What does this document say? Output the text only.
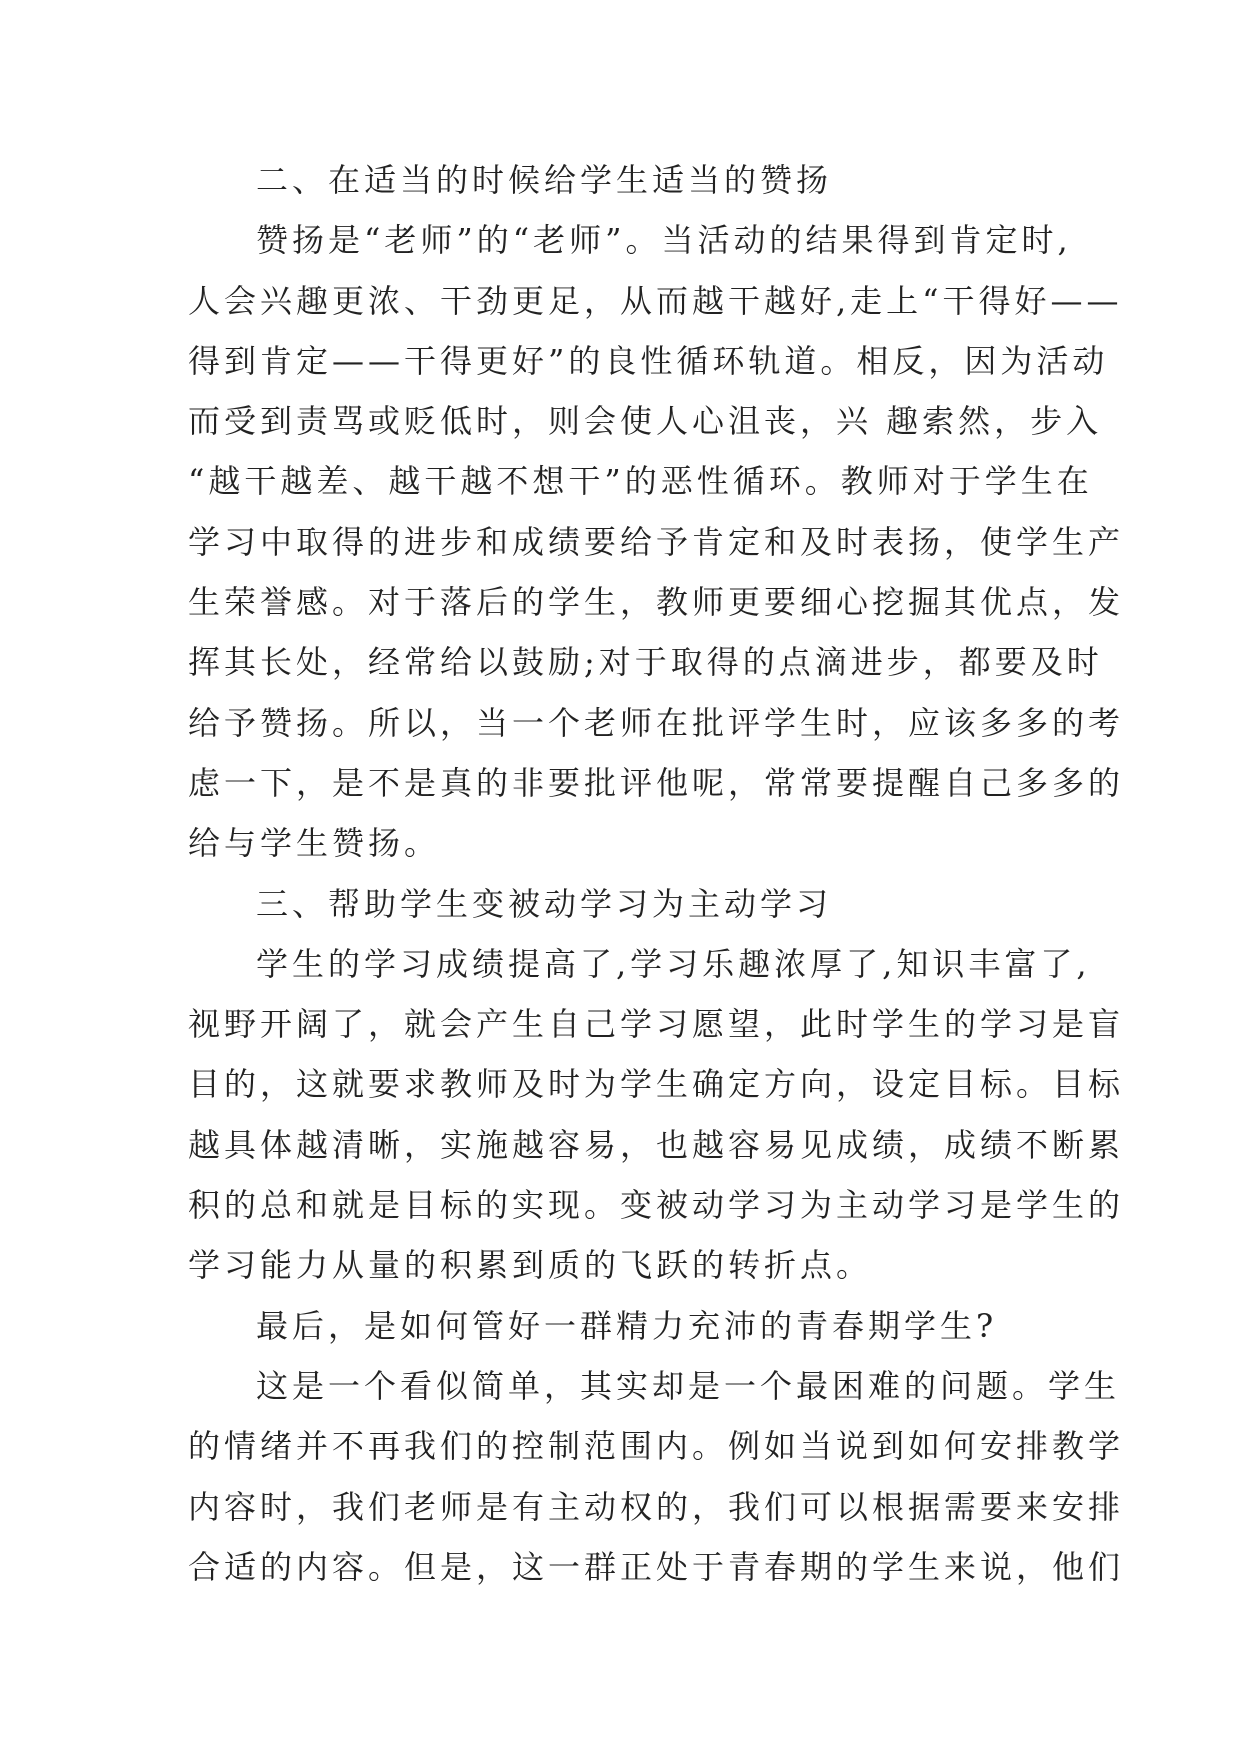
二、在适当的时候给学生适当的赞扬
赞扬是“老师”的“老师”。当活动的结果得到肯定时,
人会兴趣更浓、干劲更足，从而越干越好,走上“干得好——
得到肯定——干得更好”的良性循环轨道。相反，因为活动
而受到责骂或贬低时，则会使人心沮丧，兴 趣索然，步入
“越干越差、越干越不想干”的恶性循环。教师对于学生在
学习中取得的进步和成绩要给予肯定和及时表扬，使学生产
生荣誉感。对于落后的学生，教师更要细心挖掘其优点，发
挥其长处，经常给以鼓励;对于取得的点滴进步，都要及时
给予赞扬。所以，当一个老师在批评学生时，应该多多的考
虑一下，是不是真的非要批评他呢，常常要提醒自己多多的
给与学生赞扬。
三、帮助学生变被动学习为主动学习
学生的学习成绩提高了,学习乐趣浓厚了,知识丰富了,
视野开阔了，就会产生自己学习愿望，此时学生的学习是盲
目的，这就要求教师及时为学生确定方向，设定目标。目标
越具体越清晰，实施越容易，也越容易见成绩，成绩不断累
积的总和就是目标的实现。变被动学习为主动学习是学生的
学习能力从量的积累到质的飞跃的转折点。
最后，是如何管好一群精力充沛的青春期学生?
这是一个看似简单，其实却是一个最困难的问题。学生
的情绪并不再我们的控制范围内。例如当说到如何安排教学
内容时，我们老师是有主动权的，我们可以根据需要来安排
合适的内容。但是，这一群正处于青春期的学生来说，他们
